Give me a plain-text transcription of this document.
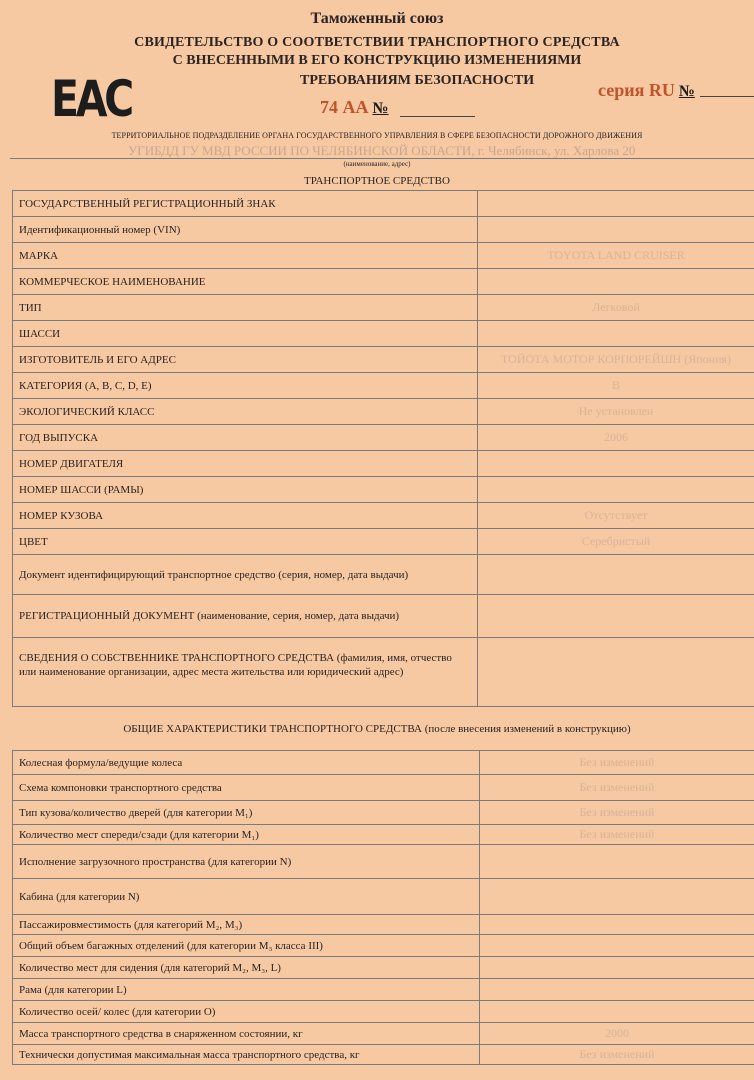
Таможенный союз
СВИДЕТЕЛЬСТВО О СООТВЕТСТВИИ ТРАНСПОРТНОГО СРЕДСТВА
С ВНЕСЕННЫМИ В ЕГО КОНСТРУКЦИЮ ИЗМЕНЕНИЯМИ
ТРЕБОВАНИЯМ БЕЗОПАСНОСТИ
EAC	74 АА №
серия RU №
ТЕРРИТОРИАЛЬНОЕ ПОДРАЗДЕЛЕНИЕ ОРГАНА ГОСУДАРСТВЕННОГО УПРАВЛЕНИЯ В СФЕРЕ БЕЗОПАСНОСТИ ДОРОЖНОГО ДВИЖЕНИЯ
УГИБДД ГУ МВД РОССИИ ПО ЧЕЛЯБИНСКОЙ ОБЛАСТИ, г. Челябинск, ул. Харлова 20
(наименование, адрес)
ТРАНСПОРТНОЕ СРЕДСТВО
ГОСУДАРСТВЕННЫЙ РЕГИСТРАЦИОННЫЙ ЗНАК	
Идентификационный номер (VIN)	
МАРКА	TOYOTA LAND CRUISER
КОММЕРЧЕСКОЕ НАИМЕНОВАНИЕ	
ТИП	Легковой
ШАССИ	
ИЗГОТОВИТЕЛЬ И ЕГО АДРЕС	ТОЙОТА МОТОР КОРПОРЕЙШН (Япония)
КАТЕГОРИЯ (А, В, С, D, Е)	В
ЭКОЛОГИЧЕСКИЙ КЛАСС	Не установлен
ГОД ВЫПУСКА	2006
НОМЕР ДВИГАТЕЛЯ	
НОМЕР ШАССИ (РАМЫ)	
НОМЕР КУЗОВА	Отсутствует
ЦВЕТ	Серебристый
Документ идентифицирующий транспортное средство (серия, номер, дата выдачи)	
РЕГИСТРАЦИОННЫЙ ДОКУМЕНТ (наименование, серия, номер, дата выдачи)	
СВЕДЕНИЯ О СОБСТВЕННИКЕ ТРАНСПОРТНОГО СРЕДСТВА (фамилия, имя, отчество или наименование организации, адрес места жительства или юридический адрес)	
ОБЩИЕ ХАРАКТЕРИСТИКИ ТРАНСПОРТНОГО СРЕДСТВА (после внесения изменений в конструкцию)
Колесная формула/ведущие колеса	Без изменений
Схема компоновки транспортного средства	Без изменений
Тип кузова/количество дверей (для категории М₁)	Без изменений
Количество мест спереди/сзади (для категории М₁)	Без изменений
Исполнение загрузочного пространства (для категории N)	
Кабина (для категории N)	
Пассажировместимость (для категорий М₂, М₃)	
Общий объем багажных отделений (для категории М₃ класса III)	
Количество мест для сидения (для категорий М₂, М₃, L)	
Рама (для категории L)	
Количество осей/ колес (для категории О)	
Масса транспортного средства в снаряженном состоянии, кг	2000
Технически допустимая максимальная масса транспортного средства, кг	Без изменений
